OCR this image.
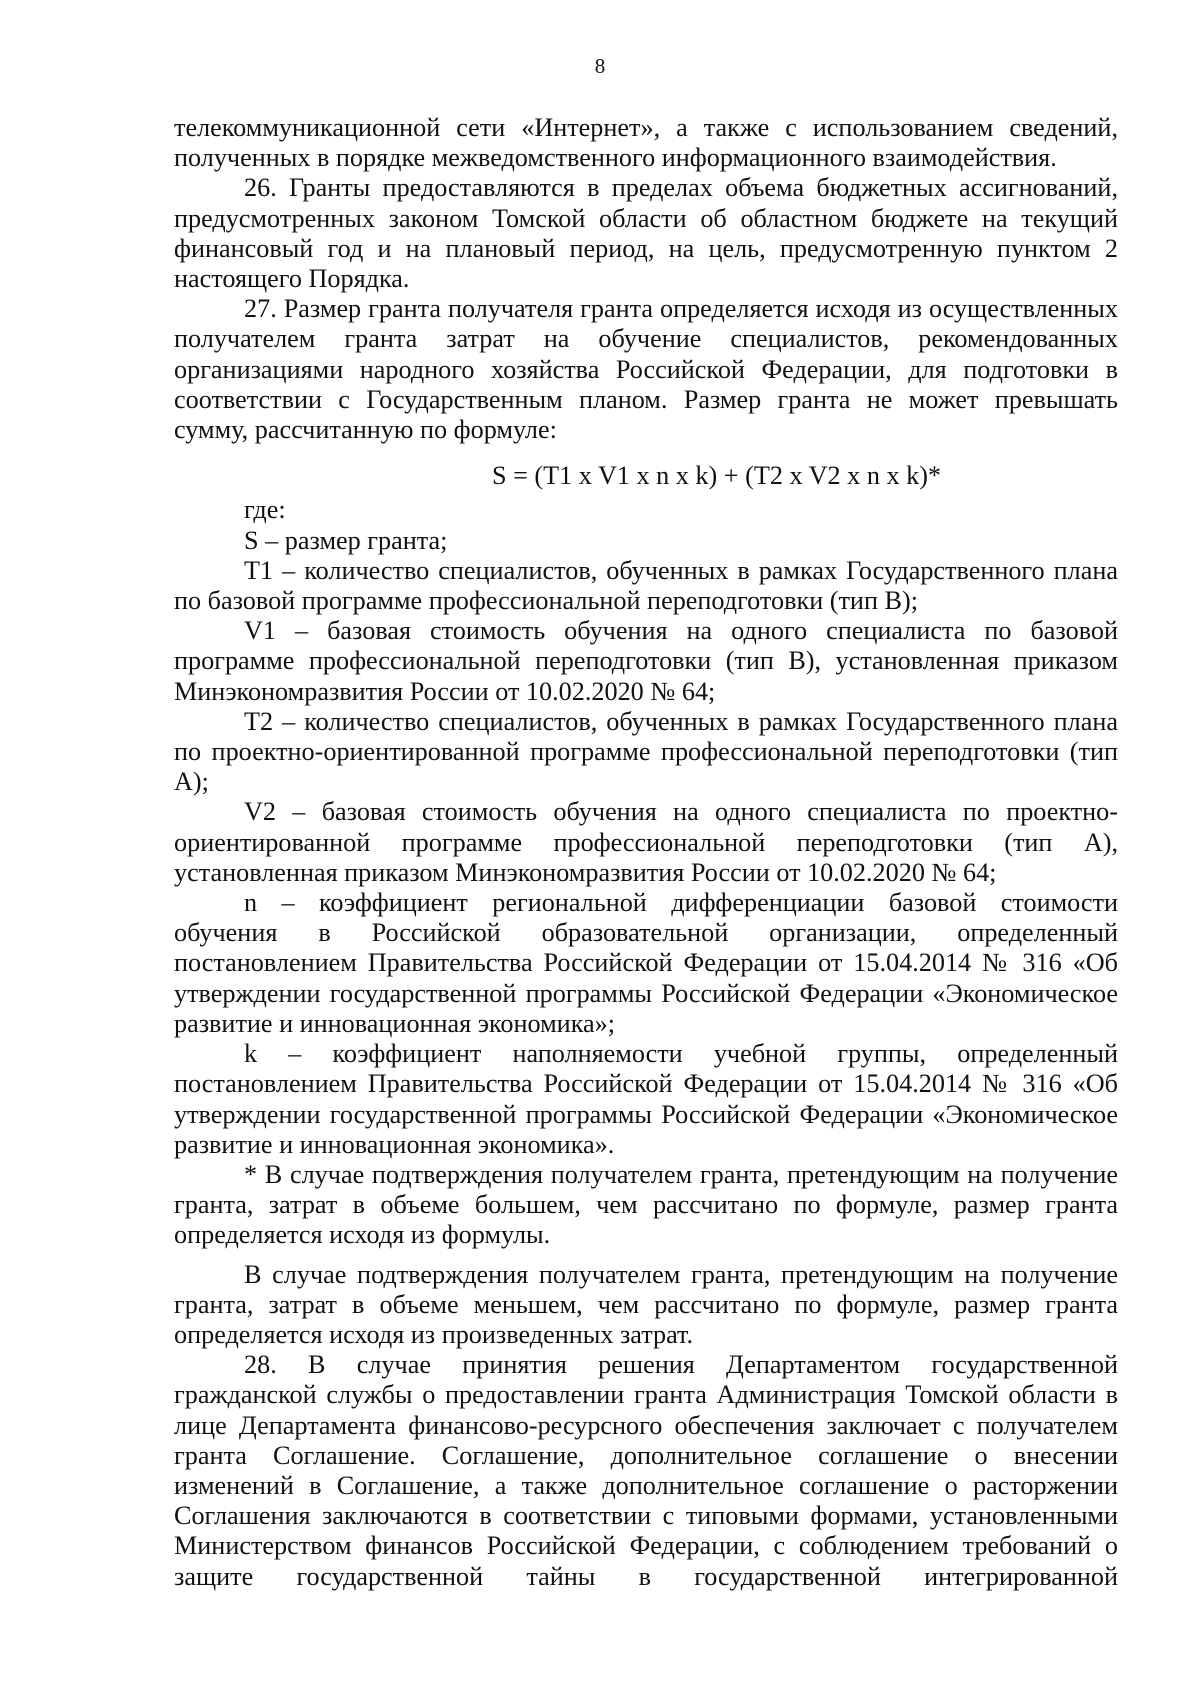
8

телекоммуникационной сети «Интернет», а также с использованием сведений, полученных в порядке межведомственного информационного взаимодействия.

26. Гранты предоставляются в пределах объема бюджетных ассигнований, предусмотренных законом Томской области об областном бюджете на текущий финансовый год и на плановый период, на цель, предусмотренную пунктом 2 настоящего Порядка.

27. Размер гранта получателя гранта определяется исходя из осуществленных получателем гранта затрат на обучение специалистов, рекомендованных организациями народного хозяйства Российской Федерации, для подготовки в соответствии с Государственным планом. Размер гранта не может превышать сумму, рассчитанную по формуле:

S = (T1 x V1 x n x k) + (T2 x V2 x n x k)*

где:

S – размер гранта;

T1 – количество специалистов, обученных в рамках Государственного плана по базовой программе профессиональной переподготовки (тип В);

V1 – базовая стоимость обучения на одного специалиста по базовой программе профессиональной переподготовки (тип В), установленная приказом Минэкономразвития России от 10.02.2020 № 64;

T2 – количество специалистов, обученных в рамках Государственного плана по проектно-ориентированной программе профессиональной переподготовки (тип А);

V2 – базовая стоимость обучения на одного специалиста по проектно-ориентированной программе профессиональной переподготовки (тип А), установленная приказом Минэкономразвития России от 10.02.2020 № 64;

n – коэффициент региональной дифференциации базовой стоимости обучения в Российской образовательной организации, определенный постановлением Правительства Российской Федерации от 15.04.2014 № 316 «Об утверждении государственной программы Российской Федерации «Экономическое развитие и инновационная экономика»;

k – коэффициент наполняемости учебной группы, определенный постановлением Правительства Российской Федерации от 15.04.2014 № 316 «Об утверждении государственной программы Российской Федерации «Экономическое развитие и инновационная экономика».

* В случае подтверждения получателем гранта, претендующим на получение гранта, затрат в объеме большем, чем рассчитано по формуле, размер гранта определяется исходя из формулы.

В случае подтверждения получателем гранта, претендующим на получение гранта, затрат в объеме меньшем, чем рассчитано по формуле, размер гранта определяется исходя из произведенных затрат.

28. В случае принятия решения Департаментом государственной гражданской службы о предоставлении гранта Администрация Томской области в лице Департамента финансово-ресурсного обеспечения заключает с получателем гранта Соглашение. Соглашение, дополнительное соглашение о внесении изменений в Соглашение, а также дополнительное соглашение о расторжении Соглашения заключаются в соответствии с типовыми формами, установленными Министерством финансов Российской Федерации, с соблюдением требований о защите государственной тайны в государственной интегрированной
